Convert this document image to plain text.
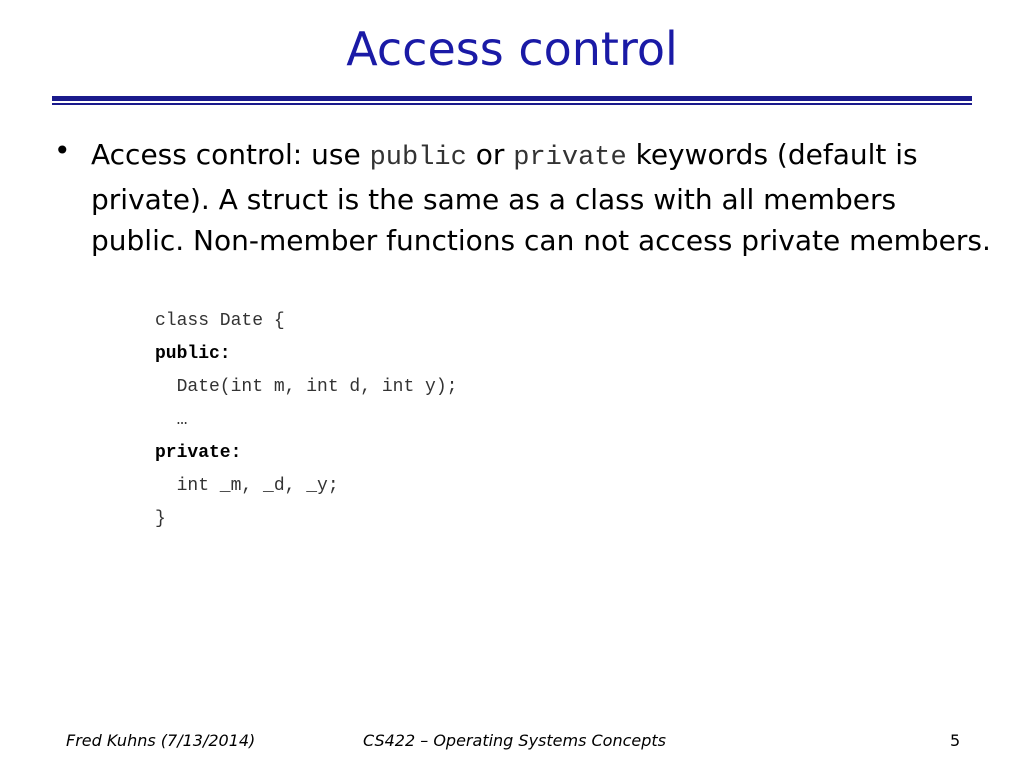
Access control
• Access control: use public or private keywords (default is private). A struct is the same as a class with all members public. Non-member functions can not access private members.
class Date {
public:
Date(int m, int d, int y);
…
private:
int _m, _d, _y;
}
Fred Kuhns (7/13/2014)	CS422 – Operating Systems Concepts	5
